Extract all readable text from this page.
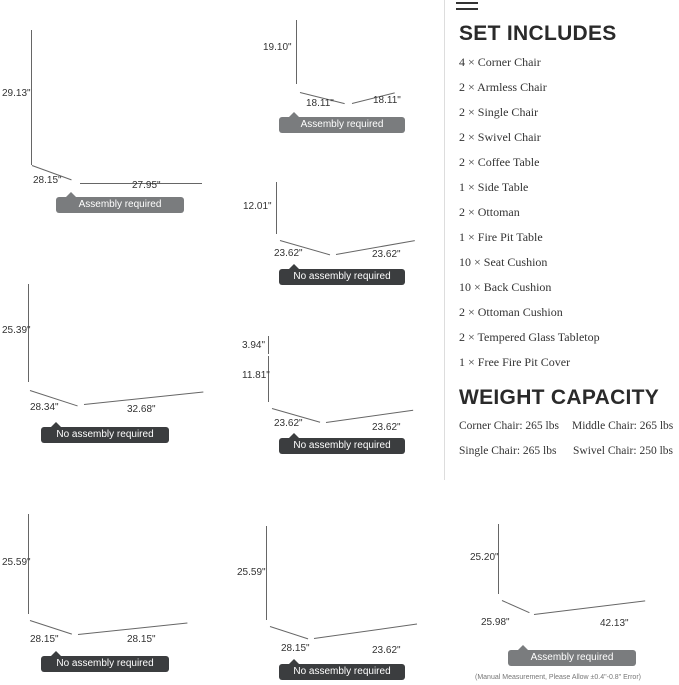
29.13"
28.15"	27.95"
Assembly required
19.10"
18.11"	18.11"
Assembly required
12.01"
23.62"	23.62"
No assembly required
25.39"
28.34"	32.68"
No assembly required
3.94"
11.81"
23.62"	23.62"
No assembly required
25.59"
28.15"	28.15"
No assembly required
25.59"
28.15"	23.62"
No assembly required
SET INCLUDES
4 × Corner Chair
2 × Armless Chair
2 × Single Chair
2 × Swivel Chair
2 × Coffee Table
1 × Side Table
2 × Ottoman
1 × Fire Pit Table
10 × Seat Cushion
10 × Back Cushion
2 × Ottoman Cushion
2 × Tempered Glass Tabletop
1 × Free Fire Pit Cover
WEIGHT CAPACITY
Corner Chair: 265 lbs Middle Chair: 265 lbs
Single Chair: 265 lbs Swivel Chair: 250 lbs
25.20"
25.98"	42.13"
Assembly required
(Manual Measurement, Please Allow ±0.4"-0.8" Error)
